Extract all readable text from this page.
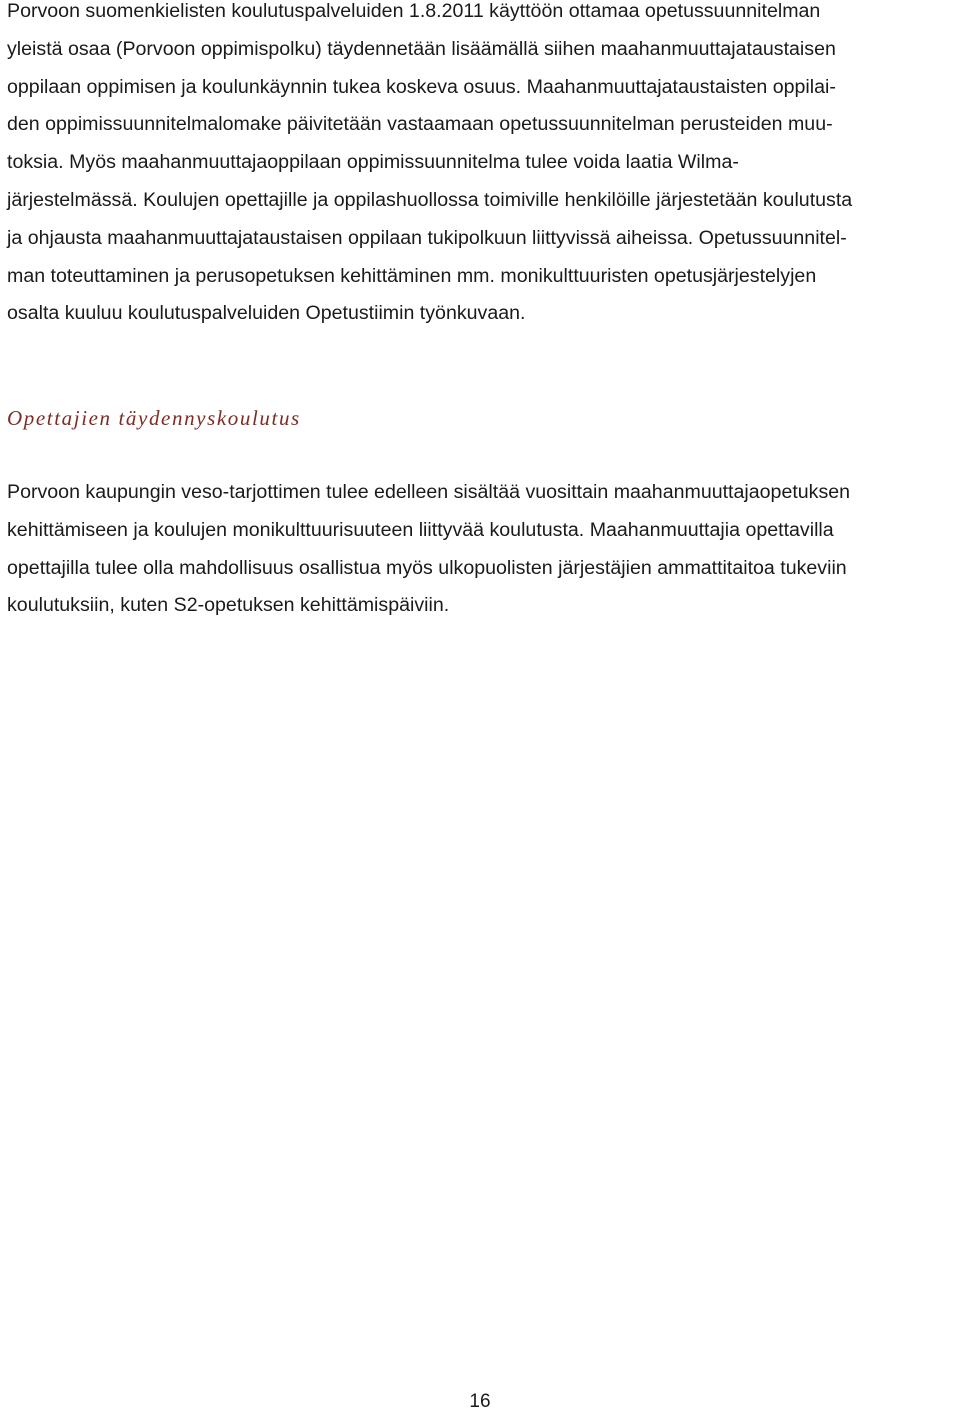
Porvoon suomenkielisten koulutuspalveluiden 1.8.2011 käyttöön ottamaa opetussuunnitelman
yleistä osaa (Porvoon oppimispolku) täydennetään lisäämällä siihen maahanmuuttajataustaisen
oppilaan oppimisen ja koulunkäynnin tukea koskeva osuus. Maahanmuuttajataustaisten oppilai-
den oppimissuunnitelmalomake päivitetään vastaamaan opetussuunnitelman perusteiden muu-
toksia. Myös maahanmuuttajaoppilaan oppimissuunnitelma tulee voida laatia Wilma-
järjestelmässä. Koulujen opettajille ja oppilashuollossa toimiville henkilöille järjestetään koulutusta
ja ohjausta maahanmuuttajataustaisen oppilaan tukipolkuun liittyvissä aiheissa. Opetussuunnitel-
man toteuttaminen ja perusopetuksen kehittäminen mm. monikulttuuristen opetusjärjestelyjen
osalta kuuluu koulutuspalveluiden Opetustiimin työnkuvaan.

Opettajien täydennyskoulutus

Porvoon kaupungin veso-tarjottimen tulee edelleen sisältää vuosittain maahanmuuttajaopetuksen
kehittämiseen ja koulujen monikulttuurisuuteen liittyvää koulutusta. Maahanmuuttajia opettavilla
opettajilla tulee olla mahdollisuus osallistua myös ulkopuolisten järjestäjien ammattitaitoa tukeviin
koulutuksiin, kuten S2-opetuksen kehittämispäiviin.

16
